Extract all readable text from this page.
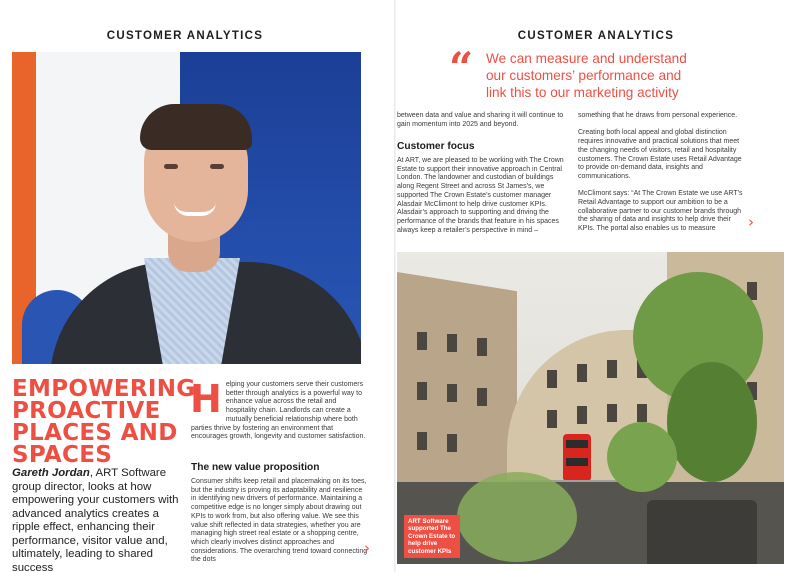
CUSTOMER ANALYTICS
EMPOWERING
PROACTIVE
PLACES AND
SPACES

Gareth Jordan, ART Software group director, looks at how empowering your customers with advanced analytics creates a ripple effect, enhancing their performance, visitor value and, ultimately, leading to shared success

Helping your customers serve their customers better through analytics is a powerful way to enhance value across the retail and hospitality chain. Landlords can create a mutually beneficial relationship where both parties thrive by fostering an environment that encourages growth, longevity and customer satisfaction.
The new value proposition

Consumer shifts keep retail and placemaking on its toes, but the industry is proving its adaptability and resilience in identifying new drivers of performance. Maintaining a competitive edge is no longer simply about drawing out KPIs to work from, but also offering value. We see this value shift reflected in data strategies, whether you are managing high street real estate or a shopping centre, which clearly involves distinct approaches and considerations. The overarching trend toward connecting the dots

›
CUSTOMER ANALYTICS
“ We can measure and understand our customers’ performance and link this to our marketing activity

between data and value and sharing it will continue to gain momentum into 2025 and beyond.

Customer focus

At ART, we are pleased to be working with The Crown Estate to support their innovative approach in Central London. The landowner and custodian of buildings along Regent Street and across St James’s, we supported The Crown Estate’s customer manager Alasdair McClimont to help drive customer KPIs. Alasdair’s approach to supporting and driving the performance of the brands that feature in his spaces always keep a retailer’s perspective in mind –

something that he draws from personal experience.

Creating both local appeal and global distinction requires innovative and practical solutions that meet the changing needs of visitors, retail and hospitality customers. The Crown Estate uses Retail Advantage to provide on-demand data, insights and communications.

McClimont says: “At The Crown Estate we use ART’s Retail Advantage to support our ambition to be a collaborative partner to our customer brands through the sharing of data and insights to help drive their KPIs. The portal also enables us to measure	›
ART Software supported The Crown Estate to help drive customer KPIs
